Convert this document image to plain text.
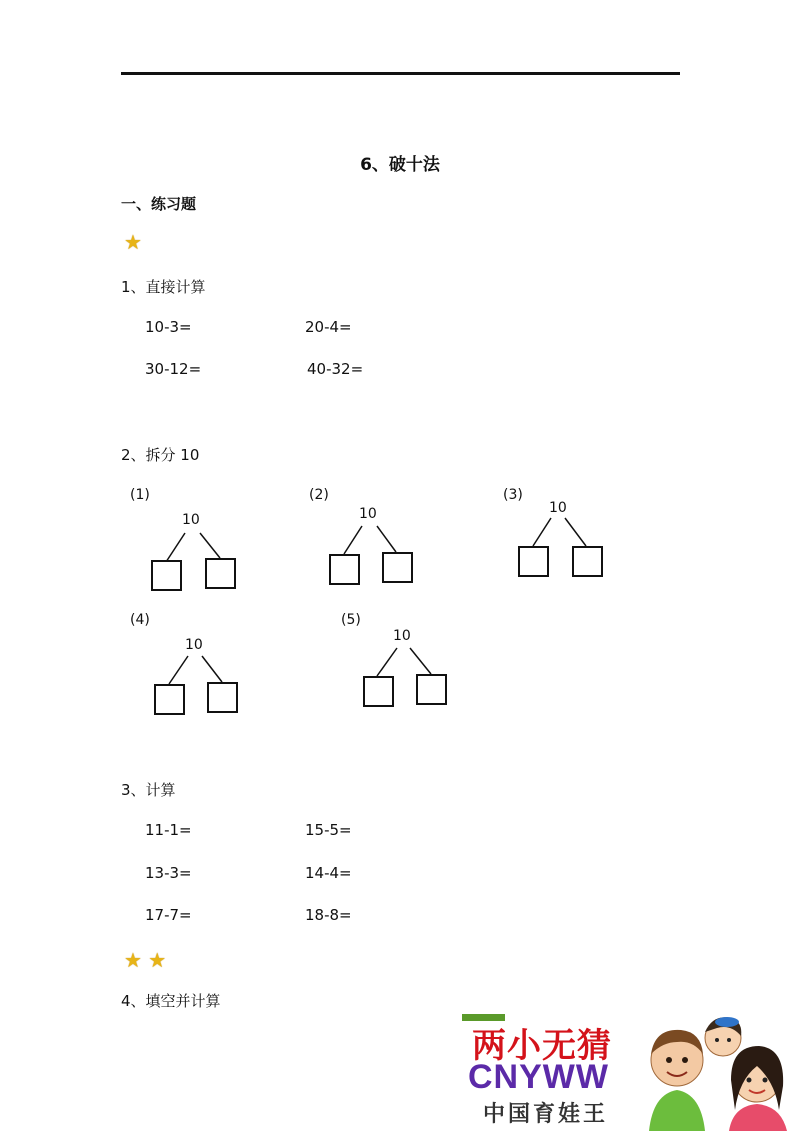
6、破十法
一、练习题
★
1、直接计算
10-3=	20-4=
30-12=	40-32=
2、拆分 10
(1)
10
(2)
10
(3)
10
(4)
10
(5)
10
3、计算
11-1=	15-5=
13-3=	14-4=
17-7=	18-8=
★ ★
4、填空并计算
两小无猜
CNYWW
中国育娃王
